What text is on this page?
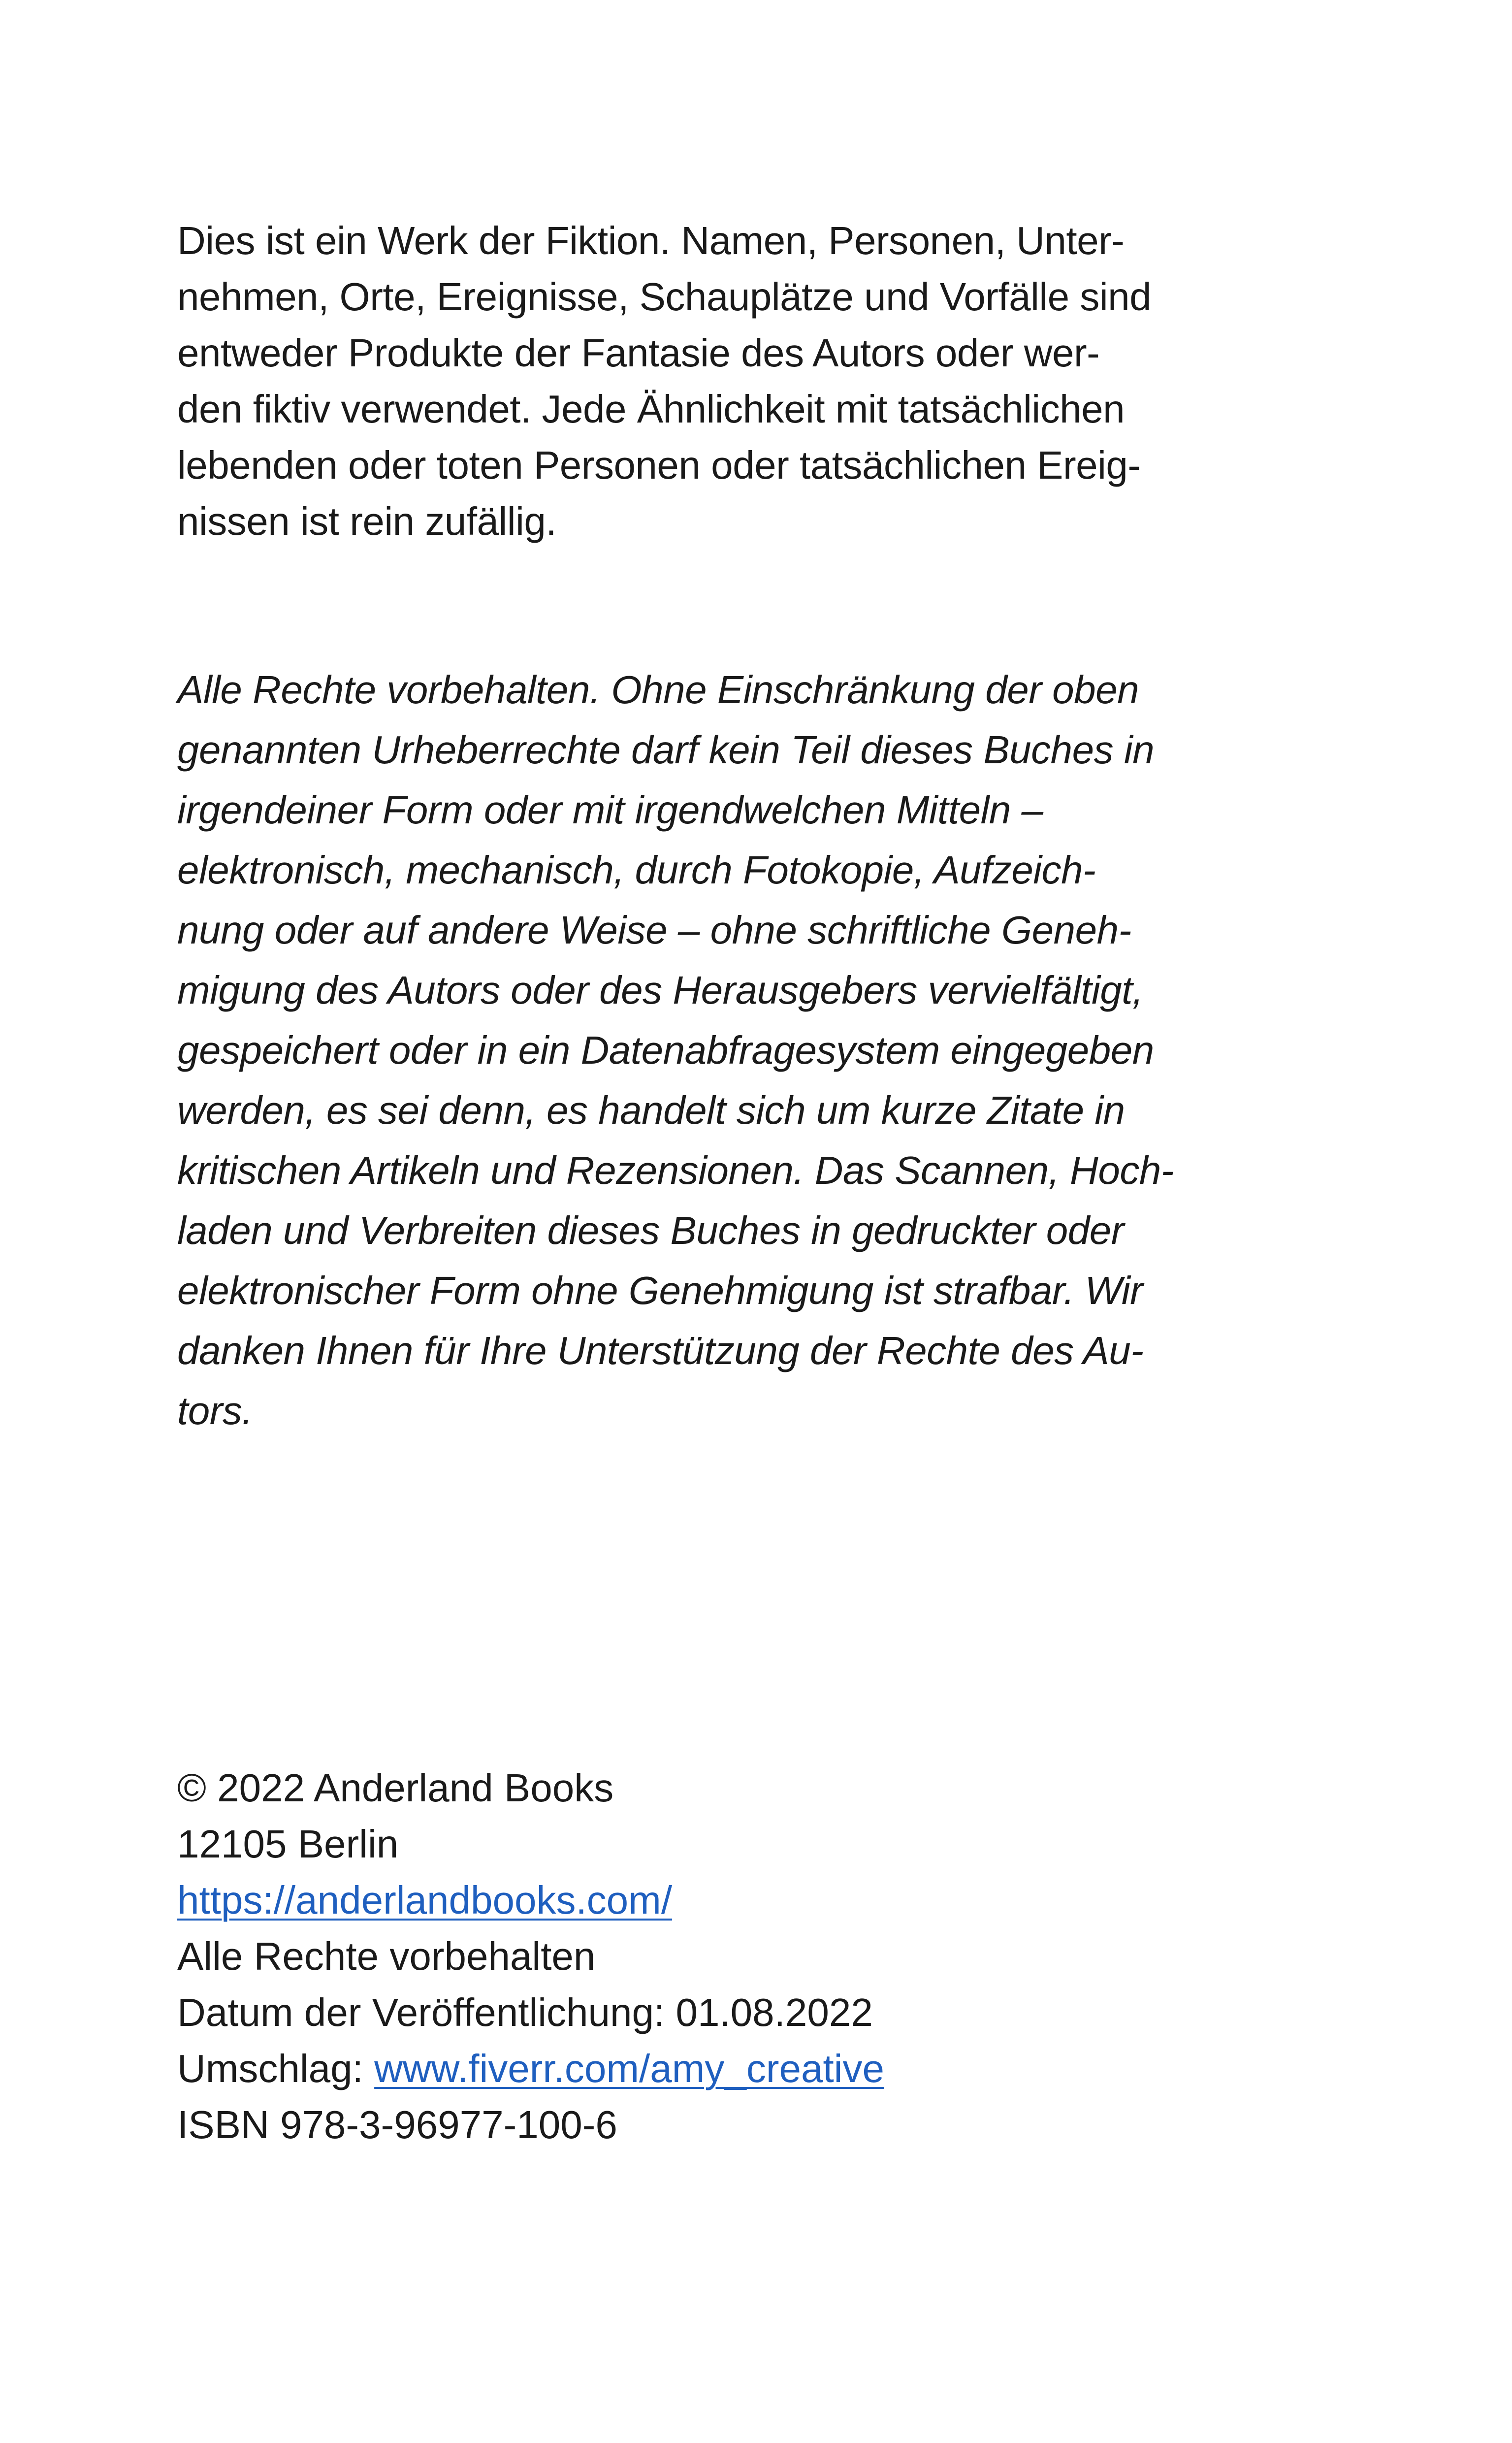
Dies ist ein Werk der Fiktion. Namen, Personen, Unter-
nehmen, Orte, Ereignisse, Schauplätze und Vorfälle sind
entweder Produkte der Fantasie des Autors oder wer-
den fiktiv verwendet. Jede Ähnlichkeit mit tatsächlichen
lebenden oder toten Personen oder tatsächlichen Ereig-
nissen ist rein zufällig.

Alle Rechte vorbehalten. Ohne Einschränkung der oben
genannten Urheberrechte darf kein Teil dieses Buches in
irgendeiner Form oder mit irgendwelchen Mitteln –
elektronisch, mechanisch, durch Fotokopie, Aufzeich-
nung oder auf andere Weise – ohne schriftliche Geneh-
migung des Autors oder des Herausgebers vervielfältigt,
gespeichert oder in ein Datenabfragesystem eingegeben
werden, es sei denn, es handelt sich um kurze Zitate in
kritischen Artikeln und Rezensionen. Das Scannen, Hoch-
laden und Verbreiten dieses Buches in gedruckter oder
elektronischer Form ohne Genehmigung ist strafbar. Wir
danken Ihnen für Ihre Unterstützung der Rechte des Au-
tors.

© 2022 Anderland Books
12105 Berlin
https://anderlandbooks.com/
Alle Rechte vorbehalten
Datum der Veröffentlichung: 01.08.2022
Umschlag: www.fiverr.com/amy_creative
ISBN 978-3-96977-100-6
